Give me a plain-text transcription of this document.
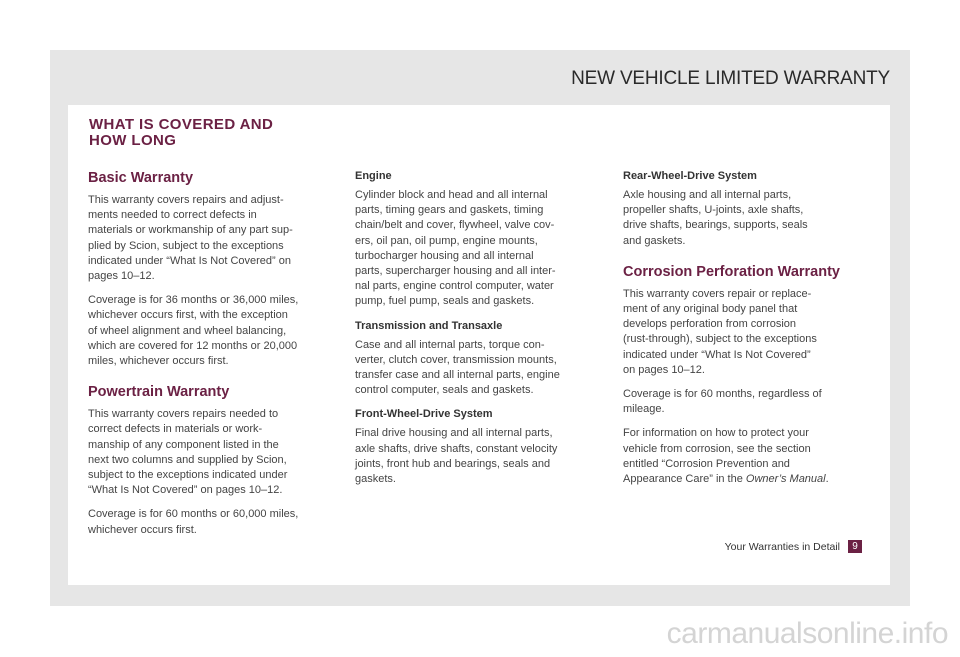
NEW VEHICLE LIMITED WARRANTY
WHAT IS COVERED AND
HOW LONG
Basic Warranty

This warranty covers repairs and adjust-
ments needed to correct defects in
materials or workmanship of any part sup-
plied by Scion, subject to the exceptions
indicated under “What Is Not Covered” on
pages 10–12.

Coverage is for 36 months or 36,000 miles,
whichever occurs first, with the exception
of wheel alignment and wheel balancing,
which are covered for 12 months or 20,000
miles, whichever occurs first.

Powertrain Warranty

This warranty covers repairs needed to
correct defects in materials or work-
manship of any component listed in the
next two columns and supplied by Scion,
subject to the exceptions indicated under
“What Is Not Covered” on pages 10–12.

Coverage is for 60 months or 60,000 miles,
whichever occurs first.

Engine

Cylinder block and head and all internal
parts, timing gears and gaskets, timing
chain/belt and cover, flywheel, valve cov-
ers, oil pan, oil pump, engine mounts,
turbocharger housing and all internal
parts, supercharger housing and all inter-
nal parts, engine control computer, water
pump, fuel pump, seals and gaskets.

Transmission and Transaxle

Case and all internal parts, torque con-
verter, clutch cover, transmission mounts,
transfer case and all internal parts, engine
control computer, seals and gaskets.

Front-Wheel-Drive System

Final drive housing and all internal parts,
axle shafts, drive shafts, constant velocity
joints, front hub and bearings, seals and
gaskets.

Rear-Wheel-Drive System

Axle housing and all internal parts,
propeller shafts, U-joints, axle shafts,
drive shafts, bearings, supports, seals
and gaskets.

Corrosion Perforation Warranty

This warranty covers repair or replace-
ment of any original body panel that
develops perforation from corrosion
(rust-through), subject to the exceptions
indicated under “What Is Not Covered”
on pages 10–12.

Coverage is for 60 months, regardless of
mileage.

For information on how to protect your
vehicle from corrosion, see the section
entitled “Corrosion Prevention and
Appearance Care” in the Owner’s Manual.

Your Warranties in Detail	9
carmanualsonline.info
